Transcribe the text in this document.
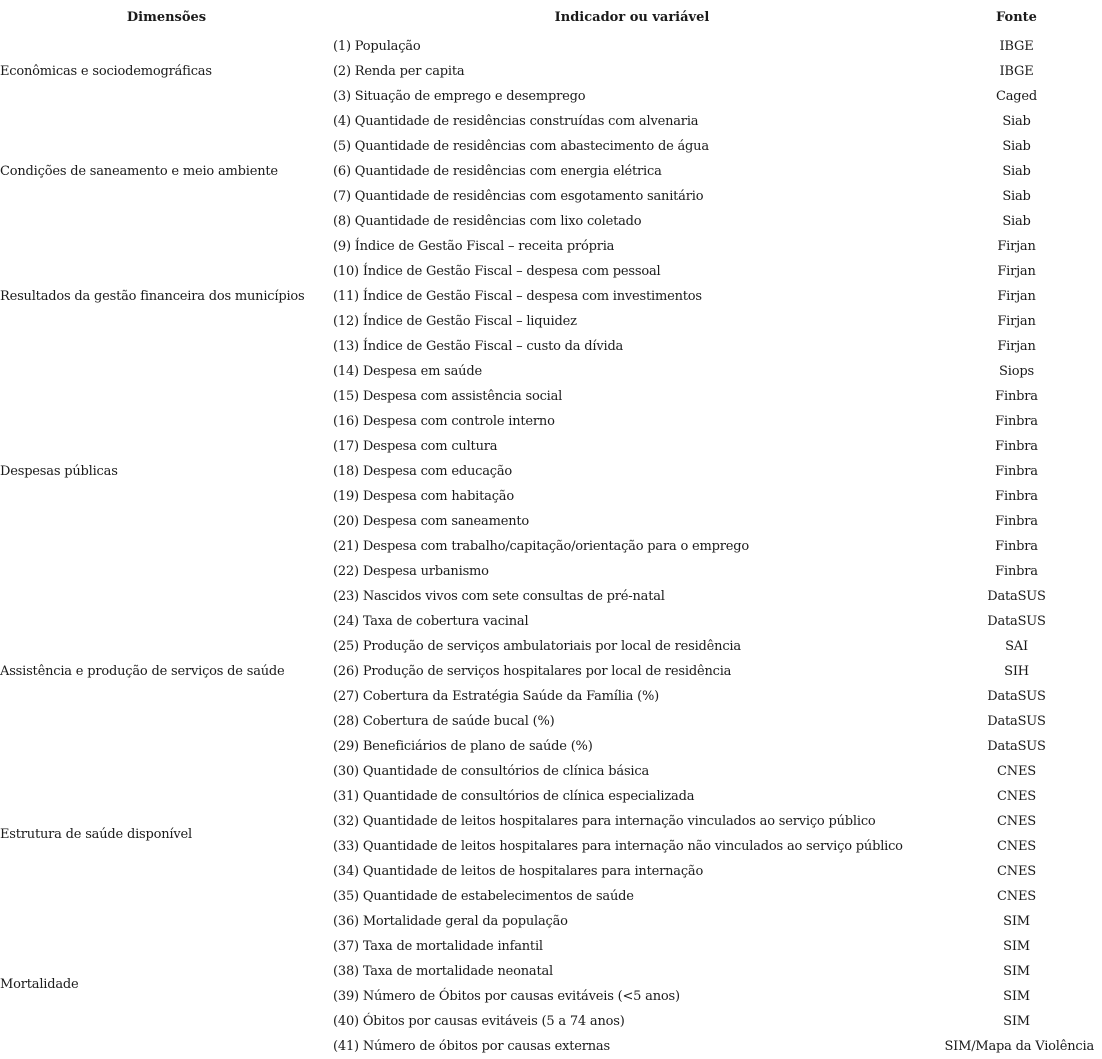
Dimensões	Indicador ou variável	Fonte
Econômicas e sociodemográficas	(1) População	IBGE
	(2) Renda per capita	IBGE
	(3) Situação de emprego e desemprego	Caged
Condições de saneamento e meio ambiente	(4) Quantidade de residências construídas com alvenaria	Siab
	(5) Quantidade de residências com abastecimento de água	Siab
	(6) Quantidade de residências com energia elétrica	Siab
	(7) Quantidade de residências com esgotamento sanitário	Siab
	(8) Quantidade de residências com lixo coletado	Siab
Resultados da gestão financeira dos municípios	(9) Índice de Gestão Fiscal – receita própria	Firjan
	(10) Índice de Gestão Fiscal – despesa com pessoal	Firjan
	(11) Índice de Gestão Fiscal – despesa com investimentos	Firjan
	(12) Índice de Gestão Fiscal – liquidez	Firjan
	(13) Índice de Gestão Fiscal – custo da dívida	Firjan
Despesas públicas	(14) Despesa em saúde	Siops
	(15) Despesa com assistência social	Finbra
	(16) Despesa com controle interno	Finbra
	(17) Despesa com cultura	Finbra
	(18) Despesa com educação	Finbra
	(19) Despesa com habitação	Finbra
	(20) Despesa com saneamento	Finbra
	(21) Despesa com trabalho/capitação/orientação para o emprego	Finbra
	(22) Despesa urbanismo	Finbra
Assistência e produção de serviços de saúde	(23) Nascidos vivos com sete consultas de pré-natal	DataSUS
	(24) Taxa de cobertura vacinal	DataSUS
	(25) Produção de serviços ambulatoriais por local de residência	SAI
	(26) Produção de serviços hospitalares por local de residência	SIH
	(27) Cobertura da Estratégia Saúde da Família (%)	DataSUS
	(28) Cobertura de saúde bucal (%)	DataSUS
	(29) Beneficiários de plano de saúde (%)	DataSUS
Estrutura de saúde disponível	(30) Quantidade de consultórios de clínica básica	CNES
	(31) Quantidade de consultórios de clínica especializada	CNES
	(32) Quantidade de leitos hospitalares para internação vinculados ao serviço público	CNES
	(33) Quantidade de leitos hospitalares para internação não vinculados ao serviço público	CNES
	(34) Quantidade de leitos de hospitalares para internação	CNES
	(35) Quantidade de estabelecimentos de saúde	CNES
Mortalidade	(36) Mortalidade geral da população	SIM
	(37) Taxa de mortalidade infantil	SIM
	(38) Taxa de mortalidade neonatal	SIM
	(39) Número de Óbitos por causas evitáveis (<5 anos)	SIM
	(40) Óbitos por causas evitáveis (5 a 74 anos)	SIM
	(41) Número de óbitos por causas externas	SIM/Mapa da Violência
